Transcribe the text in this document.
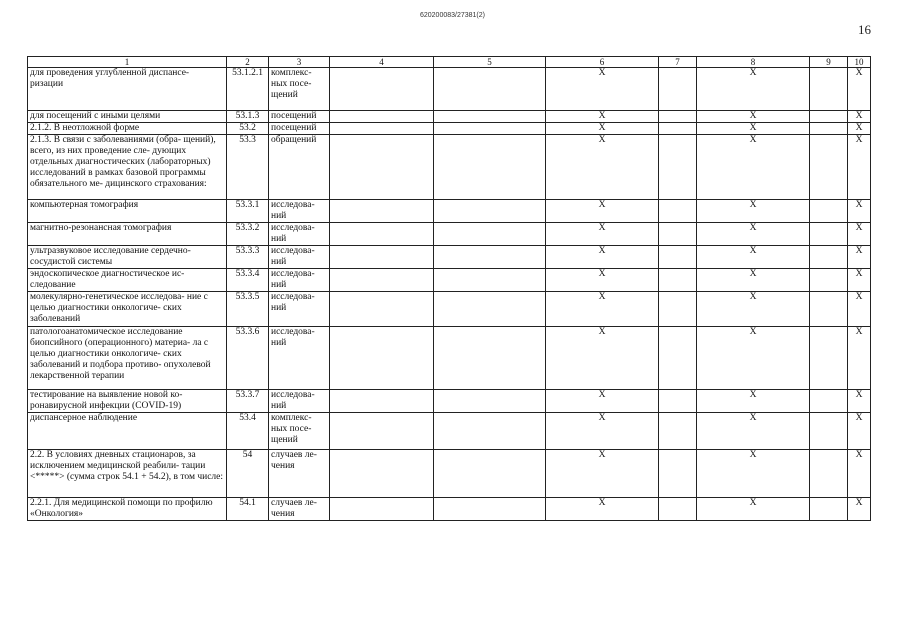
620200083/27381(2)
16
1	2	3	4	5	6	7	8	9	10
для проведения углубленной диспансе- ризации	53.1.2.1	комплекс- ных посе- щений			X		X		X
для посещений с иными целями	53.1.3	посещений			X		X		X
2.1.2. В неотложной форме	53.2	посещений			X		X		X
2.1.3. В связи с заболеваниями (обра- щений), всего, из них проведение сле- дующих отдельных диагностических (лабораторных) исследований в рамках базовой программы обязательного ме- дицинского страхования:	53.3	обращений			X		X		X
компьютерная томография	53.3.1	исследова- ний			X		X		X
магнитно-резонансная томография	53.3.2	исследова- ний			X		X		X
ультразвуковое исследование сердечно- сосудистой системы	53.3.3	исследова- ний			X		X		X
эндоскопическое диагностическое ис- следование	53.3.4	исследова- ний			X		X		X
молекулярно-генетическое исследова- ние с целью диагностики онкологиче- ских заболеваний	53.3.5	исследова- ний			X		X		X
патологоанатомическое исследование биопсийного (операционного) материа- ла с целью диагностики онкологиче- ских заболеваний и подбора противо- опухолевой лекарственной терапии	53.3.6	исследова- ний			X		X		X
тестирование на выявление новой ко- ронавирусной инфекции (COVID-19)	53.3.7	исследова- ний			X		X		X
диспансерное наблюдение	53.4	комплекс- ных посе- щений			X		X		X
2.2. В условиях дневных стационаров, за исключением медицинской реабили- тации <*****> (сумма строк 54.1 + 54.2), в том числе:	54	случаев ле- чения			X		X		X
2.2.1. Для медицинской помощи по профилю «Онкология»	54.1	случаев ле- чения			X		X		X
